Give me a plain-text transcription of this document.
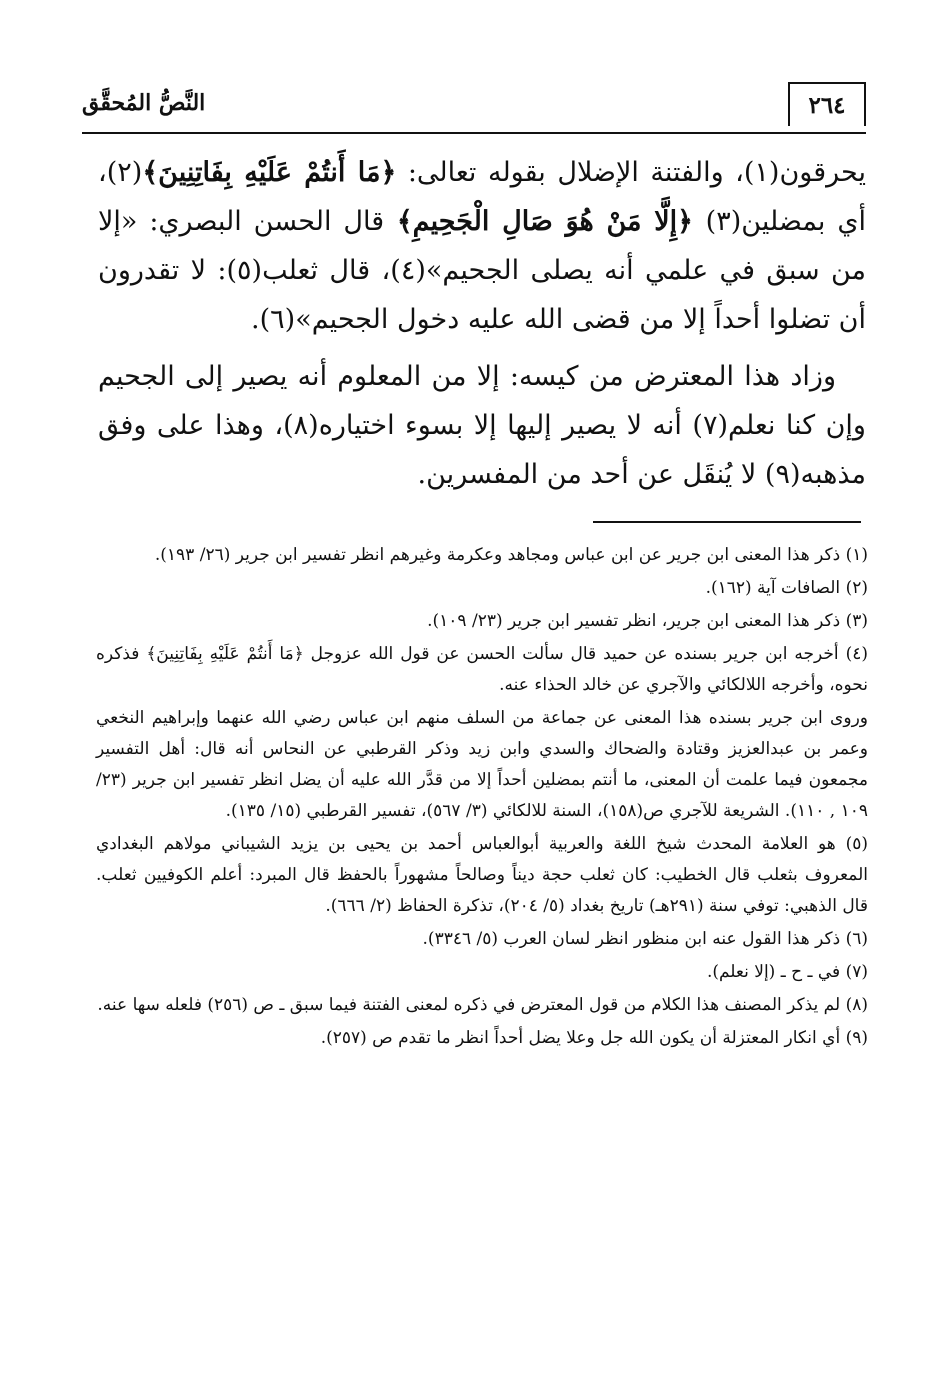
٢٦٤
النَّصُّ المُحقَّق

يحرقون(١)، والفتنة الإضلال بقوله تعالى: ﴿مَا أَنتُمْ عَلَيْهِ بِفَاتِنِينَ﴾(٢)، أي بمضلين(٣) ﴿إِلَّا مَنْ هُوَ صَالِ الْجَحِيمِ﴾ قال الحسن البصري: «إلا من سبق في علمي أنه يصلى الجحيم»(٤)، قال ثعلب(٥): لا تقدرون أن تضلوا أحداً إلا من قضى الله عليه دخول الجحيم»(٦).

وزاد هذا المعترض من كيسه: إلا من المعلوم أنه يصير إلى الجحيم وإن كنا نعلم(٧) أنه لا يصير إليها إلا بسوء اختياره(٨)، وهذا على وفق مذهبه(٩) لا يُنقَل عن أحد من المفسرين.

(١) ذكر هذا المعنى ابن جرير عن ابن عباس ومجاهد وعكرمة وغيرهم انظر تفسير ابن جرير (٢٦/ ١٩٣).
(٢) الصافات آية (١٦٢).
(٣) ذكر هذا المعنى ابن جرير، انظر تفسير ابن جرير (٢٣/ ١٠٩).
(٤) أخرجه ابن جرير بسنده عن حميد قال سألت الحسن عن قول الله عزوجل ﴿مَا أَنتُمْ عَلَيْهِ بِفَاتِنِينَ﴾ فذكره نحوه، وأخرجه اللالكائي والآجري عن خالد الحذاء عنه.
وروى ابن جرير بسنده هذا المعنى عن جماعة من السلف منهم ابن عباس رضي الله عنهما وإبراهيم النخعي وعمر بن عبدالعزيز وقتادة والضحاك والسدي وابن زيد وذكر القرطبي عن النحاس أنه قال: أهل التفسير مجمعون فيما علمت أن المعنى، ما أنتم بمضلين أحداً إلا من قدَّر الله عليه أن يضل انظر تفسير ابن جرير (٢٣/ ١٠٩ , ١١٠). الشريعة للآجري ص(١٥٨)، السنة للالكائي (٣/ ٥٦٧)، تفسير القرطبي (١٥/ ١٣٥).
(٥) هو العلامة المحدث شيخ اللغة والعربية أبوالعباس أحمد بن يحيى بن يزيد الشيباني مولاهم البغدادي المعروف بثعلب قال الخطيب: كان ثعلب حجة ديناً وصالحاً مشهوراً بالحفظ قال المبرد: أعلم الكوفيين ثعلب. قال الذهبي: توفي سنة (٢٩١هـ) تاريخ بغداد (٥/ ٢٠٤)، تذكرة الحفاظ (٢/ ٦٦٦).
(٦) ذكر هذا القول عنه ابن منظور انظر لسان العرب (٥/ ٣٣٤٦).
(٧) في ـ ح ـ (إلا نعلم).
(٨) لم يذكر المصنف هذا الكلام من قول المعترض في ذكره لمعنى الفتنة فيما سبق ـ ص (٢٥٦) فلعله سها عنه.
(٩) أي انكار المعتزلة أن يكون الله جل وعلا يضل أحداً انظر ما تقدم ص (٢٥٧).
